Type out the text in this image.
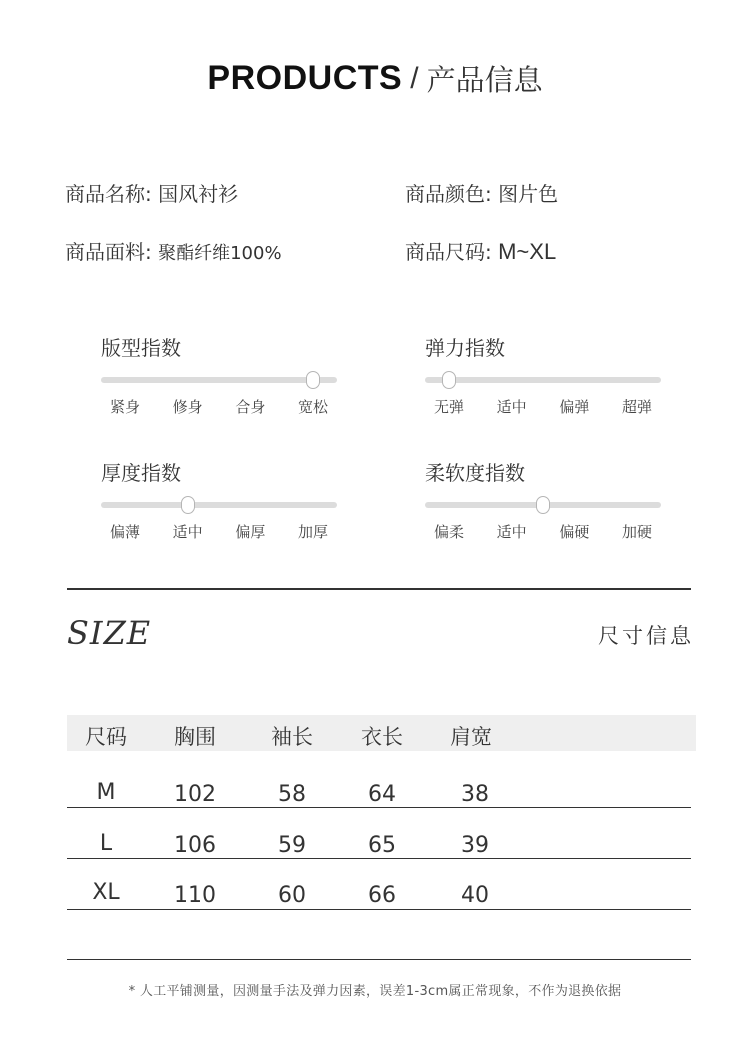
PRODUCTS / 产品信息
商品名称: 国风衬衫	商品颜色: 图片色
商品面料: 聚酯纤维100%	商品尺码: M~XL
版型指数
紧身 修身 合身 宽松
弹力指数
无弹 适中 偏弹 超弹
厚度指数
偏薄 适中 偏厚 加厚
柔软度指数
偏柔 适中 偏硬 加硬
SIZE	尺寸信息
尺码 胸围	袖长 衣长 肩宽
M	102	58	64	38
L	106	59	65	39
XL 110	60	66	40
* 人工平铺测量，因测量手法及弹力因素，误差1-3cm属正常现象，不作为退换依据
